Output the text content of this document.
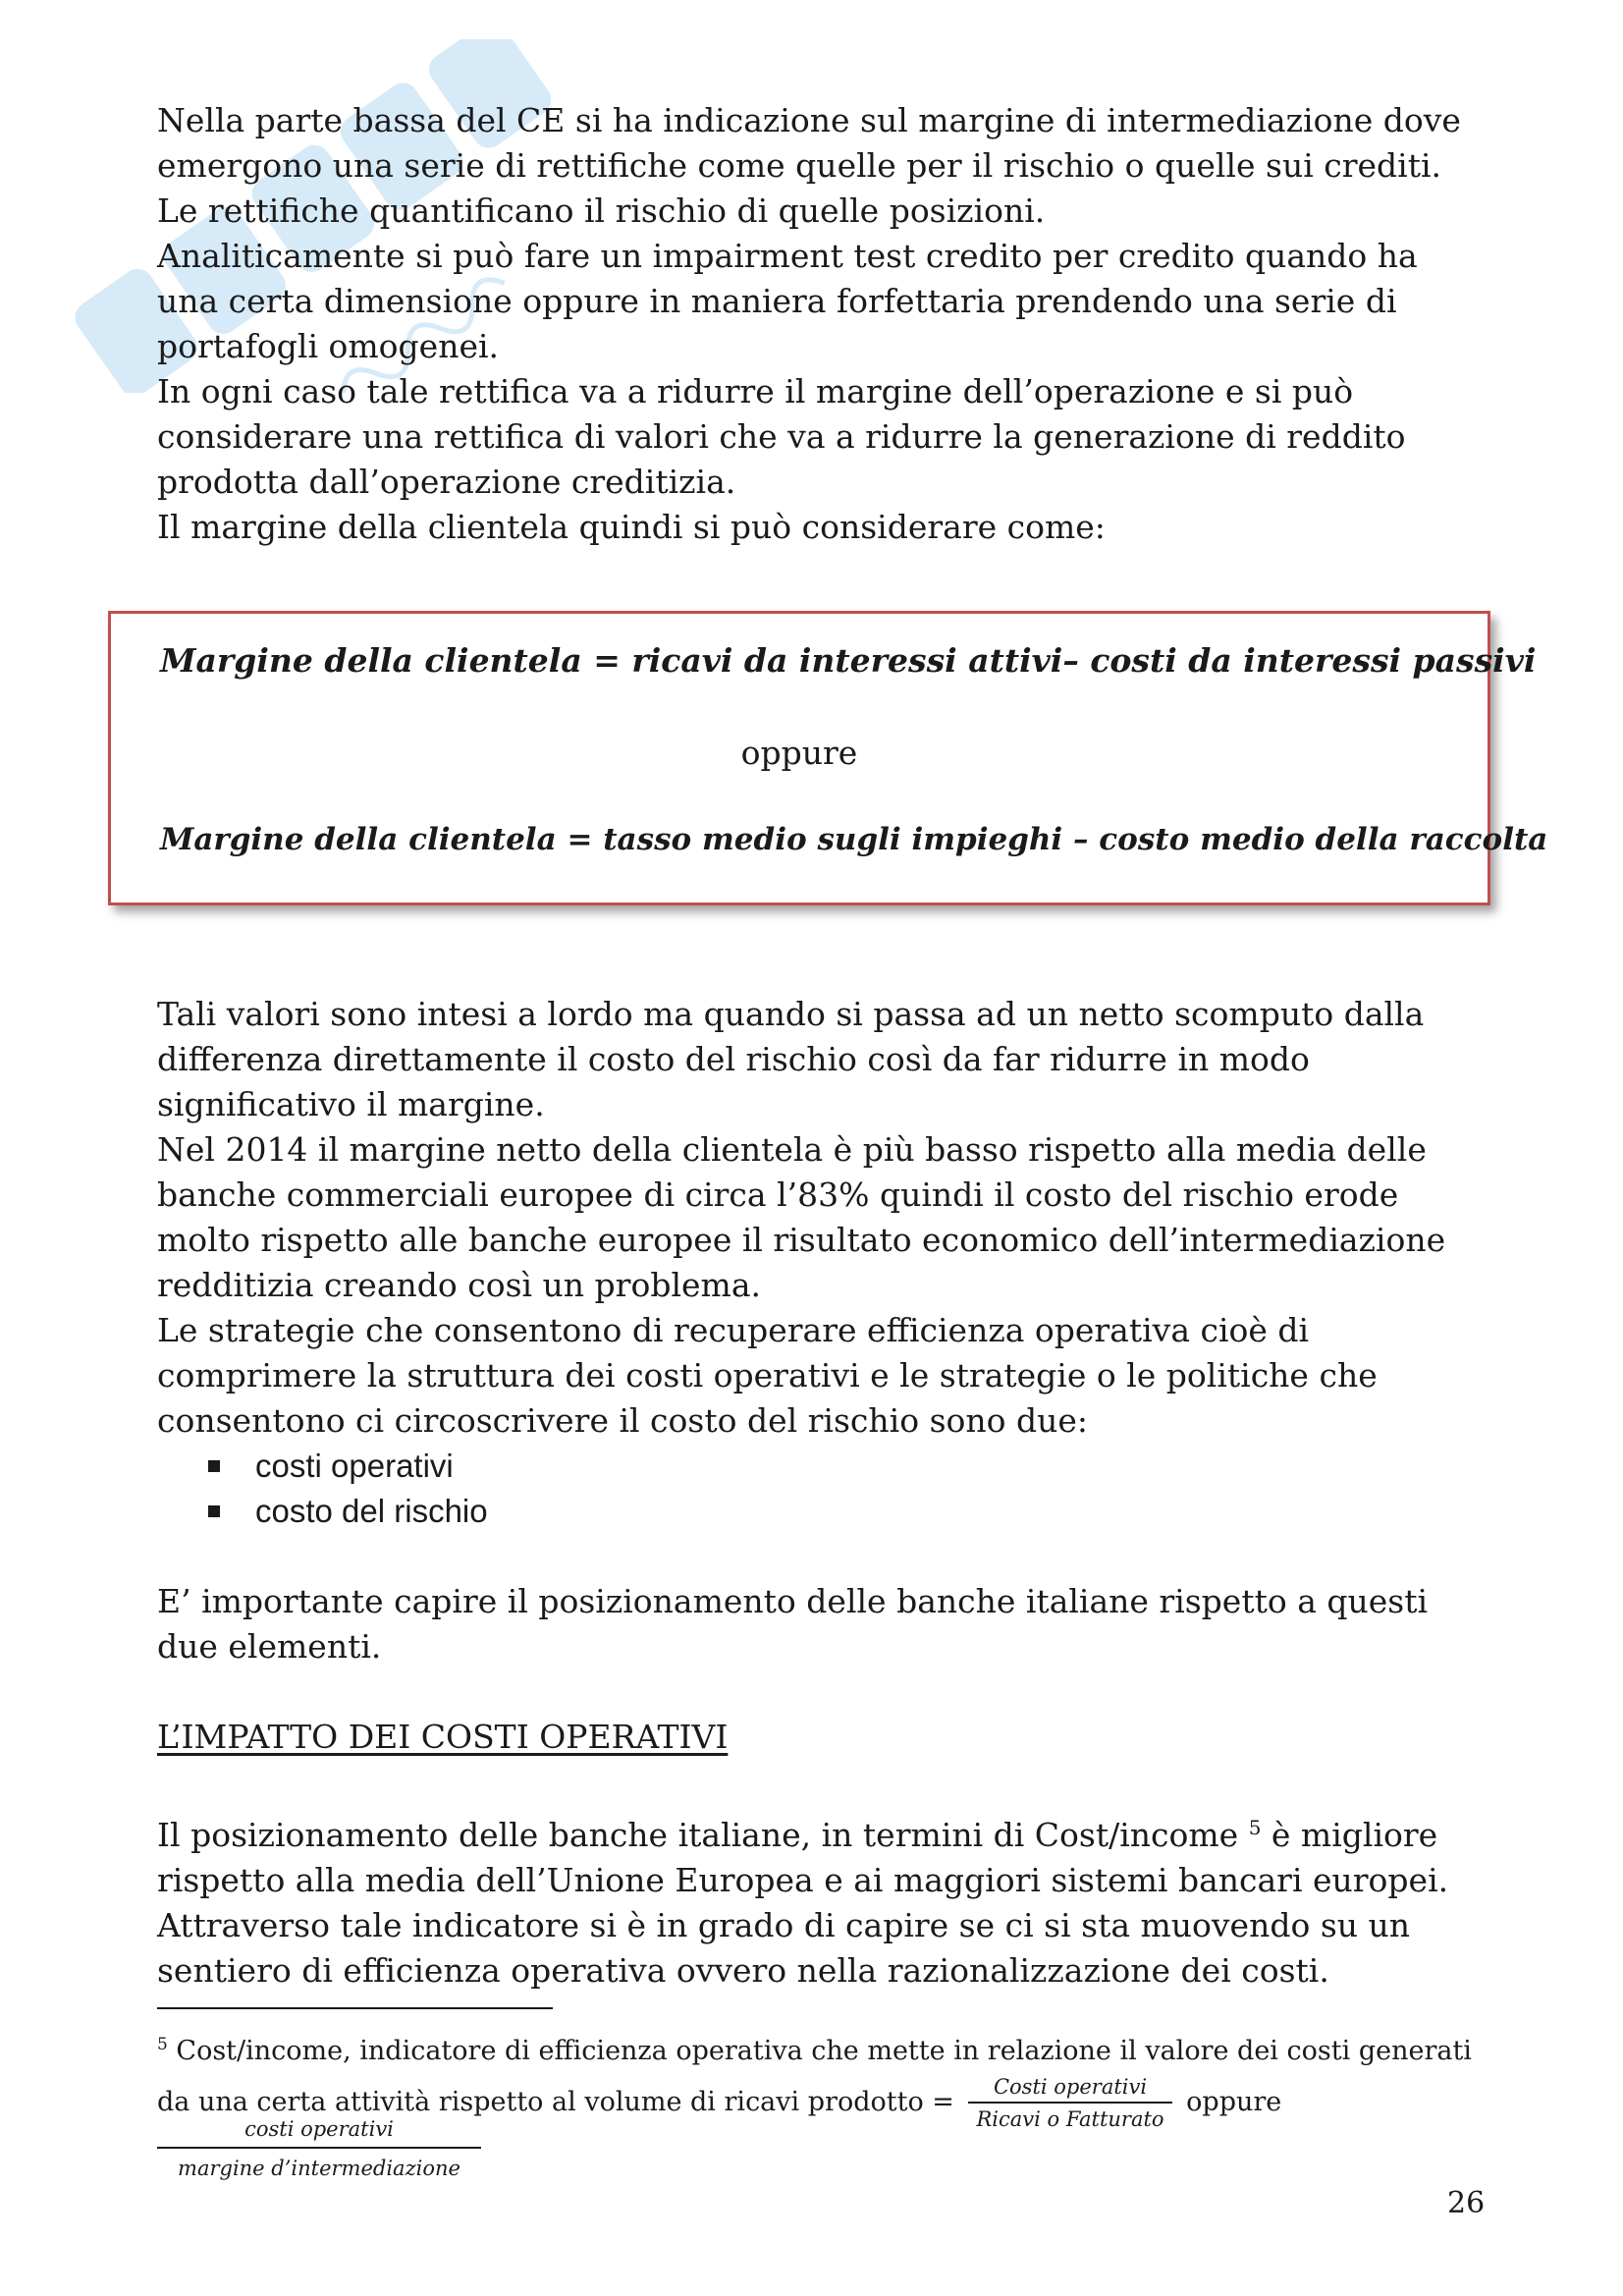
Nella parte bassa del CE si ha indicazione sul margine di intermediazione dove emergono una serie di rettifiche come quelle per il rischio o quelle sui crediti.

Le rettifiche quantificano il rischio di quelle posizioni.

Analiticamente si può fare un impairment test credito per credito quando ha una certa dimensione oppure in maniera forfettaria prendendo una serie di portafogli omogenei.

In ogni caso tale rettifica va a ridurre il margine dell’operazione e si può considerare una rettifica di valori che va a ridurre la generazione di reddito prodotta dall’operazione creditizia.

Il margine della clientela quindi si può considerare come:

Margine della clientela = ricavi da interessi attivi– costi da interessi passivi
oppure
Margine della clientela = tasso medio sugli impieghi – costo medio della raccolta

Tali valori sono intesi a lordo ma quando si passa ad un netto scomputo dalla differenza direttamente il costo del rischio così da far ridurre in modo significativo il margine.

Nel 2014 il margine netto della clientela è più basso rispetto alla media delle banche commerciali europee di circa l’83% quindi il costo del rischio erode molto rispetto alle banche europee il risultato economico dell’intermediazione redditizia creando così un problema.

Le strategie che consentono di recuperare efficienza operativa cioè di comprimere la struttura dei costi operativi e le strategie o le politiche che consentono ci circoscrivere il costo del rischio sono due:

costi operativi
costo del rischio

E’ importante capire il posizionamento delle banche italiane rispetto a questi due elementi.

L’IMPATTO DEI COSTI OPERATIVI

Il posizionamento delle banche italiane, in termini di Cost/income $^5$ è migliore rispetto alla media dell’Unione Europea e ai maggiori sistemi bancari europei. Attraverso tale indicatore si è in grado di capire se ci si sta muovendo su un sentiero di efficienza operativa ovvero nella razionalizzazione dei costi.

$^5$ Cost/income, indicatore di efficienza operativa che mette in relazione il valore dei costi generati da una certa attività rispetto al volume di ricavi prodotto = $\frac{\text{Costi operativi}}{\text{Ricavi o Fatturato}}$ oppure
costi operativi
margine d’intermediazione
26
